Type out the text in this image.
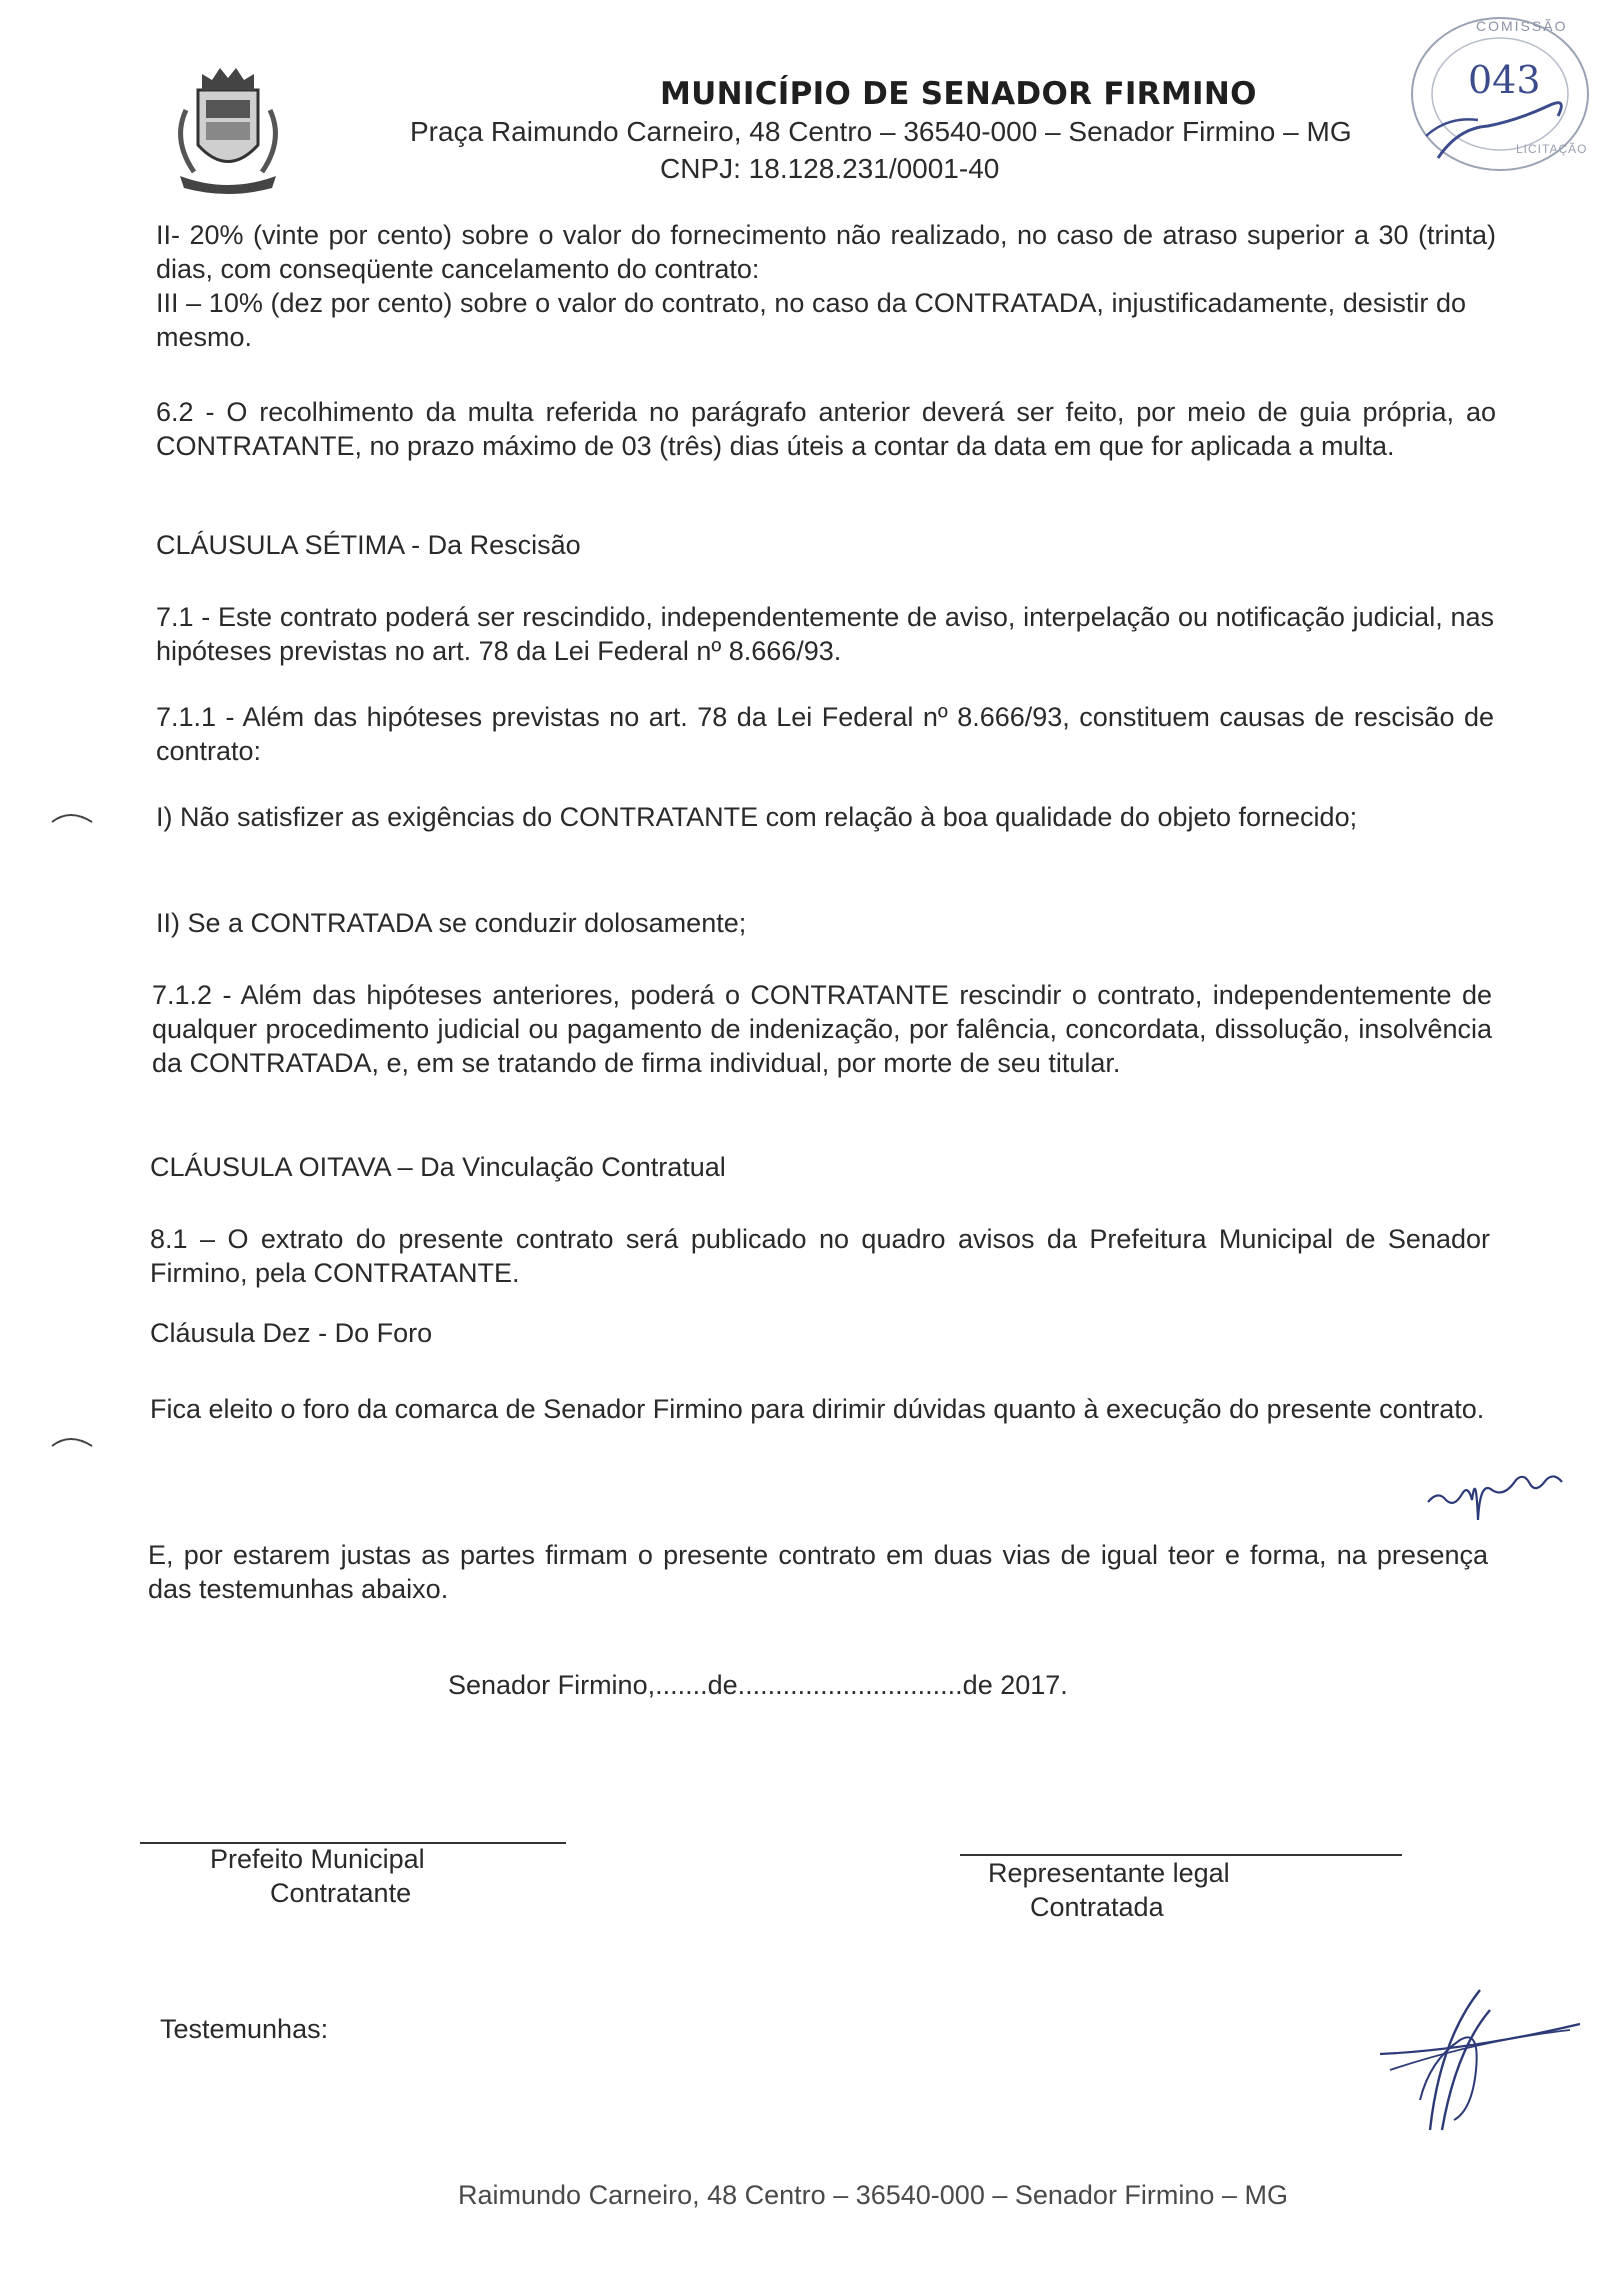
MUNICÍPIO DE SENADOR FIRMINO
Praça Raimundo Carneiro, 48 Centro – 36540-000 – Senador Firmino – MG
CNPJ: 18.128.231/0001-40
043
COMISSÃO
LICITAÇÃO
II- 20% (vinte por cento) sobre o valor do fornecimento não realizado, no caso de atraso superior a 30 (trinta) dias, com conseqüente cancelamento do contrato:
III – 10% (dez por cento) sobre o valor do contrato, no caso da CONTRATADA, injustificadamente, desistir do mesmo.
6.2 - O recolhimento da multa referida no parágrafo anterior deverá ser feito, por meio de guia própria, ao CONTRATANTE, no prazo máximo de 03 (três) dias úteis a contar da data em que for aplicada a multa.
CLÁUSULA SÉTIMA - Da Rescisão
7.1 - Este contrato poderá ser rescindido, independentemente de aviso, interpelação ou notificação judicial, nas hipóteses previstas no art. 78 da Lei Federal nº 8.666/93.
7.1.1 - Além das hipóteses previstas no art. 78 da Lei Federal nº 8.666/93, constituem causas de rescisão de contrato:
I) Não satisfizer as exigências do CONTRATANTE com relação à boa qualidade do objeto fornecido;
II) Se a CONTRATADA se conduzir dolosamente;
7.1.2 - Além das hipóteses anteriores, poderá o CONTRATANTE rescindir o contrato, independentemente de qualquer procedimento judicial ou pagamento de indenização, por falência, concordata, dissolução, insolvência da CONTRATADA, e, em se tratando de firma individual, por morte de seu titular.
CLÁUSULA OITAVA – Da Vinculação Contratual
8.1 – O extrato do presente contrato será publicado no quadro avisos da Prefeitura Municipal de Senador Firmino, pela CONTRATANTE.
Cláusula Dez - Do Foro
Fica eleito o foro da comarca de Senador Firmino para dirimir dúvidas quanto à execução do presente contrato.
E, por estarem justas as partes firmam o presente contrato em duas vias de igual teor e forma, na presença das testemunhas abaixo.
Senador Firmino,.......de..............................de 2017.
Prefeito Municipal
Contratante
Representante legal
Contratada
Testemunhas:
Raimundo Carneiro, 48 Centro – 36540-000 – Senador Firmino – MG
